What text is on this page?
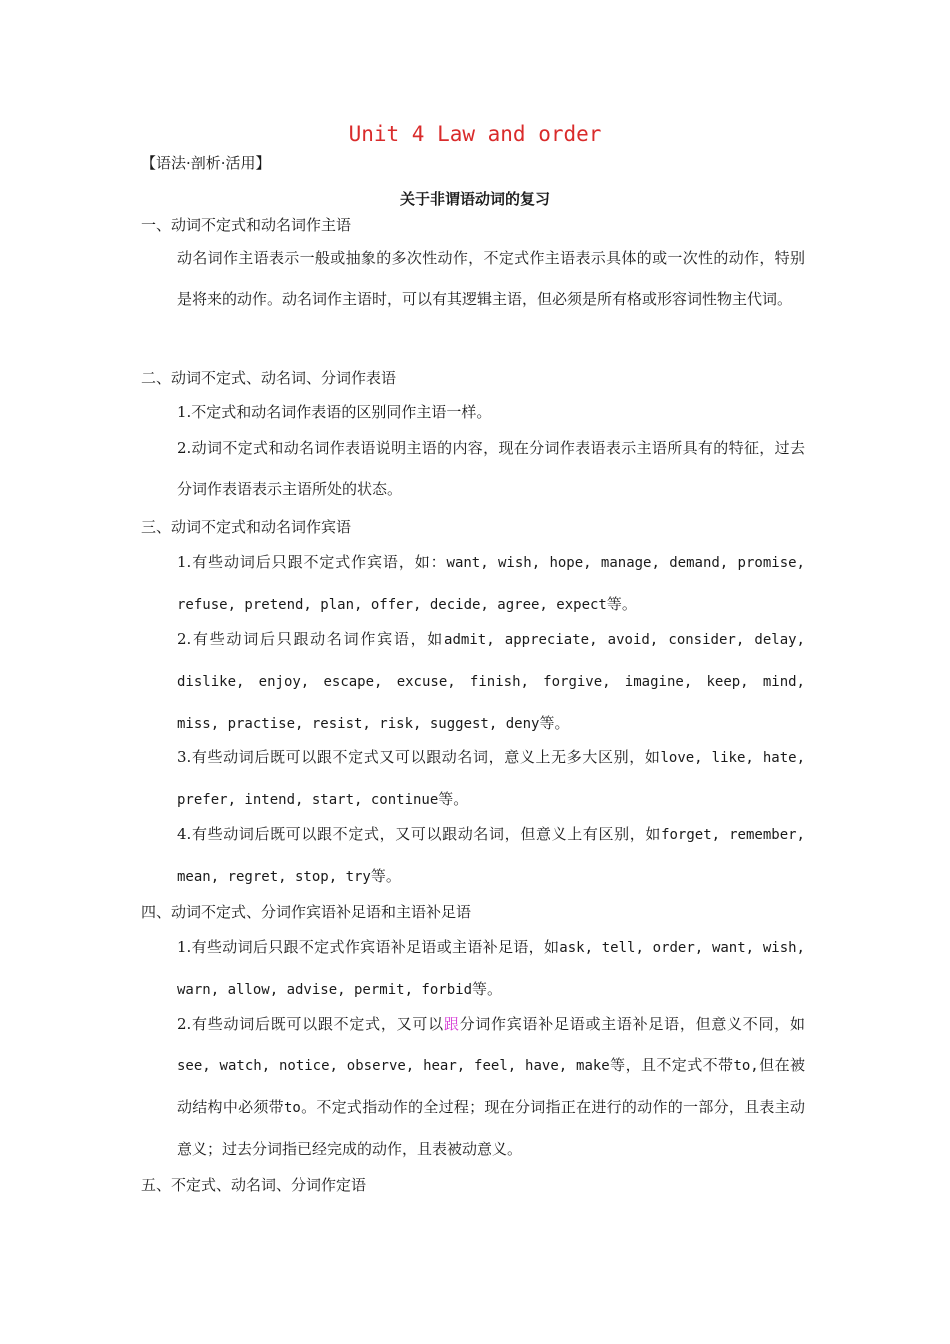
Unit 4 Law and order
【语法·剖析·活用】
关于非谓语动词的复习
一、动词不定式和动名词作主语
动名词作主语表示一般或抽象的多次性动作，不定式作主语表示具体的或一次性的动作，特别是将来的动作。动名词作主语时，可以有其逻辑主语，但必须是所有格或形容词性物主代词。
二、动词不定式、动名词、分词作表语
1.不定式和动名词作表语的区别同作主语一样。
2.动词不定式和动名词作表语说明主语的内容，现在分词作表语表示主语所具有的特征，过去分词作表语表示主语所处的状态。
三、动词不定式和动名词作宾语
1.有些动词后只跟不定式作宾语，如：want, wish, hope, manage, demand, promise, refuse, pretend, plan, offer, decide, agree, expect等。
2.有些动词后只跟动名词作宾语，如admit, appreciate, avoid, consider, delay, dislike, enjoy, escape, excuse, finish, forgive, imagine, keep, mind, miss, practise, resist, risk, suggest, deny等。
3.有些动词后既可以跟不定式又可以跟动名词，意义上无多大区别，如love, like, hate, prefer, intend, start, continue等。
4.有些动词后既可以跟不定式，又可以跟动名词，但意义上有区别，如forget, remember, mean, regret, stop, try等。
四、动词不定式、分词作宾语补足语和主语补足语
1.有些动词后只跟不定式作宾语补足语或主语补足语，如ask, tell, order, want, wish, warn, allow, advise, permit, forbid等。
2.有些动词后既可以跟不定式，又可以跟分词作宾语补足语或主语补足语，但意义不同，如see, watch, notice, observe, hear, feel, have, make等，且不定式不带to,但在被动结构中必须带to。不定式指动作的全过程；现在分词指正在进行的动作的一部分，且表主动意义；过去分词指已经完成的动作，且表被动意义。
五、不定式、动名词、分词作定语
